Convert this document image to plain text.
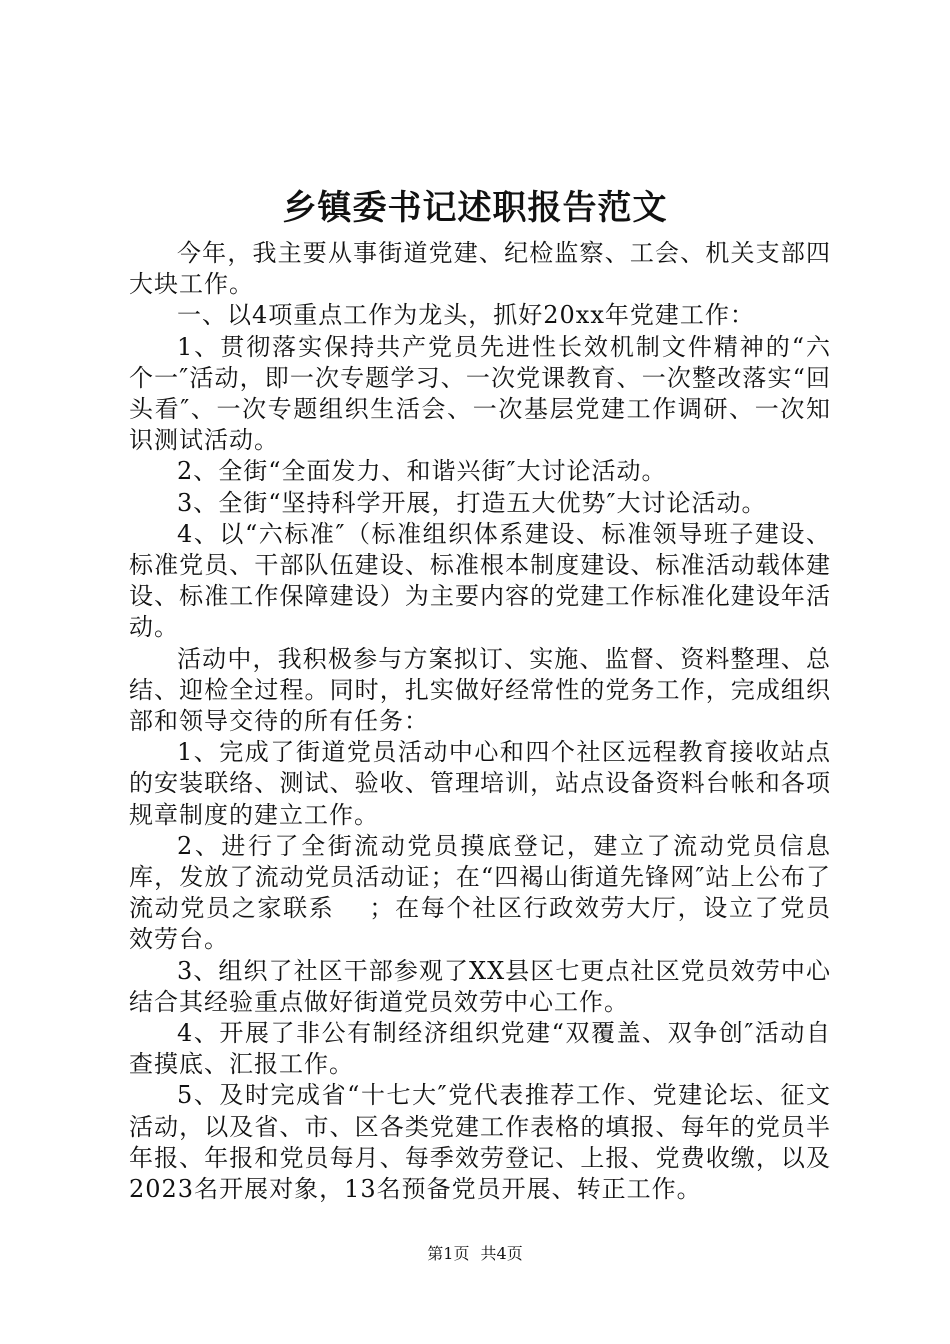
乡镇委书记述职报告范文

今年，我主要从事街道党建、纪检监察、工会、机关支部四大块工作。

一、以4项重点工作为龙头，抓好20xx年党建工作：

1、贯彻落实保持共产党员先进性长效机制文件精神的“六个一″活动，即一次专题学习、一次党课教育、一次整改落实“回头看″、一次专题组织生活会、一次基层党建工作调研、一次知识测试活动。

2、全街“全面发力、和谐兴街″大讨论活动。

3、全街“坚持科学开展，打造五大优势″大讨论活动。

4、以“六标准″（标准组织体系建设、标准领导班子建设、标准党员、干部队伍建设、标准根本制度建设、标准活动载体建设、标准工作保障建设）为主要内容的党建工作标准化建设年活动。

活动中，我积极参与方案拟订、实施、监督、资料整理、总结、迎检全过程。同时，扎实做好经常性的党务工作，完成组织部和领导交待的所有任务：

1、完成了街道党员活动中心和四个社区远程教育接收站点的安装联络、测试、验收、管理培训，站点设备资料台帐和各项规章制度的建立工作。

2、进行了全街流动党员摸底登记，建立了流动党员信息库，发放了流动党员活动证；在“四褐山街道先锋网″站上公布了流动党员之家联系　 ；在每个社区行政效劳大厅，设立了党员效劳台。

3、组织了社区干部参观了XX县区七更点社区党员效劳中心结合其经验重点做好街道党员效劳中心工作。

4、开展了非公有制经济组织党建“双覆盖、双争创″活动自查摸底、汇报工作。

5、及时完成省“十七大″党代表推荐工作、党建论坛、征文活动，以及省、市、区各类党建工作表格的填报、每年的党员半年报、年报和党员每月、每季效劳登记、上报、党费收缴，以及2023名开展对象，13名预备党员开展、转正工作。

第1页 共4页
